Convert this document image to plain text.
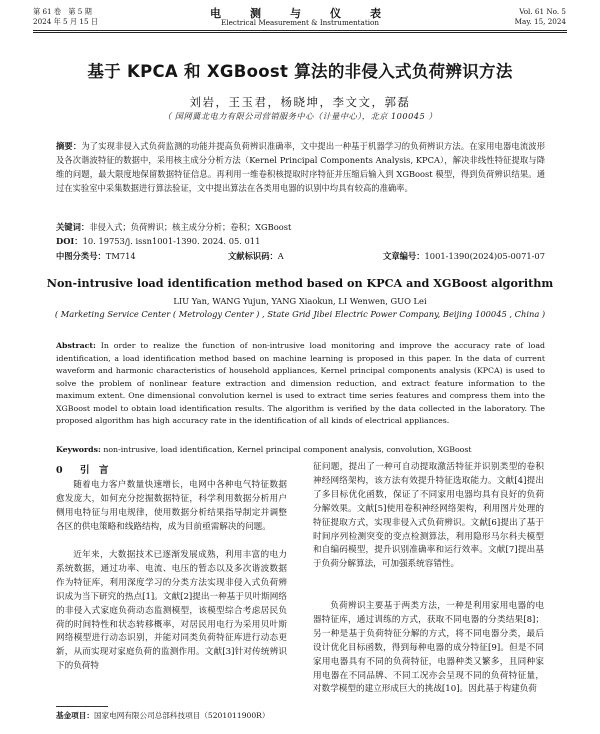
第 61 卷　第 5 期
2024 年 5 月 15 日
电　测　与　仪　表
Electrical Measurement & Instrumentation
Vol. 61 No. 5
May. 15, 2024
基于 KPCA 和 XGBoost 算法的非侵入式负荷辨识方法
刘岩，王玉君，杨晓坤，李文文，郭磊
（ 国网冀北电力有限公司营销服务中心（计量中心），北京 100045 ）
摘要：为了实现非侵入式负荷监测的功能并提高负荷辨识准确率，文中提出一种基于机器学习的负荷辨识方法。在家用电器电流波形及各次谐波特征的数据中，采用核主成分分析方法（Kernel Principal Components Analysis, KPCA），解决非线性特征提取与降维的问题，最大限度地保留数据特征信息。再利用一维卷积核提取时序特征并压缩后输入到 XGBoost 模型，得到负荷辨识结果。通过在实验室中采集数据进行算法验证，文中提出算法在各类用电器的识别中均具有较高的准确率。
关键词：非侵入式；负荷辨识；核主成分分析；卷积；XGBoost
DOI：10. 19753/j. issn1001-1390. 2024. 05. 011
中图分类号：TM714	文献标识码：A	文章编号：1001-1390(2024)05-0071-07
Non-intrusive load identification method based on KPCA and XGBoost algorithm
LIU Yan, WANG Yujun, YANG Xiaokun, LI Wenwen, GUO Lei
( Marketing Service Center ( Metrology Center ) , State Grid Jibei Electric Power Company, Beijing 100045 , China )
Abstract: In order to realize the function of non-intrusive load monitoring and improve the accuracy rate of load identification, a load identification method based on machine learning is proposed in this paper. In the data of current waveform and harmonic characteristics of household appliances, Kernel principal components analysis (KPCA) is used to solve the problem of nonlinear feature extraction and dimension reduction, and extract feature information to the maximum extent. One dimensional convolution kernel is used to extract time series features and compress them into the XGBoost model to obtain load identification results. The algorithm is verified by the data collected in the laboratory. The proposed algorithm has high accuracy rate in the identification of all kinds of electrical appliances.
Keywords: non-intrusive, load identification, Kernel principal component analysis, convolution, XGBoost
0 引　言
随着电力客户数量快速增长，电网中各种电气特征数据愈发庞大，如何充分挖掘数据特征，科学利用数据分析用户侧用电特征与用电规律，使用数据分析结果指导制定并调整各区的供电策略和线路结构，成为目前亟需解决的问题。
近年来，大数据技术已逐渐发展成熟，利用丰富的电力系统数据，通过功率、电流、电压的暂态以及多次谐波数据作为特征库，利用深度学习的分类方法实现非侵入式负荷辨识成为当下研究的热点[1]。文献[2]提出一种基于贝叶斯网络的非侵入式家庭负荷动态监测模型，该模型综合考虑居民负荷的时间特性和状态转移概率，对居民用电行为采用贝叶斯网络模型进行动态识别，并能对同类负荷特征库进行动态更新，从而实现对家庭负荷的监测作用。文献[3]针对传统辨识下的负荷特
基金项目：国家电网有限公司总部科技项目（5201011900R）
征问题，提出了一种可自动提取激活特征并识别类型的卷积神经网络架构，该方法有效提升特征选取能力。文献[4]提出了多目标优化函数，保证了不同家用电器均具有良好的负荷分解效果。文献[5]使用卷积神经网络架构，利用图片处理的特征提取方式，实现非侵入式负荷辨识。文献[6]提出了基于时间序列检测突变的变点检测算法，利用隐形马尔科夫模型和自编码模型，提升识别准确率和运行效率。文献[7]提出基于负荷分解算法，可加强系统容错性。
负荷辨识主要基于两类方法，一种是利用家用电器的电器特征库，通过训练的方式，获取不同电器的分类结果[8]；另一种是基于负荷特征分解的方式，将不同电器分类，最后设计优化目标函数，得到每种电器的成分特征[9]。但是不同家用电器具有不同的负荷特征，电器种类又繁多，且同种家用电器在不同品牌、不同工况亦会呈现不同的负荷特征量，对数学模型的建立形成巨大的挑战[10]。因此基于构建负荷
